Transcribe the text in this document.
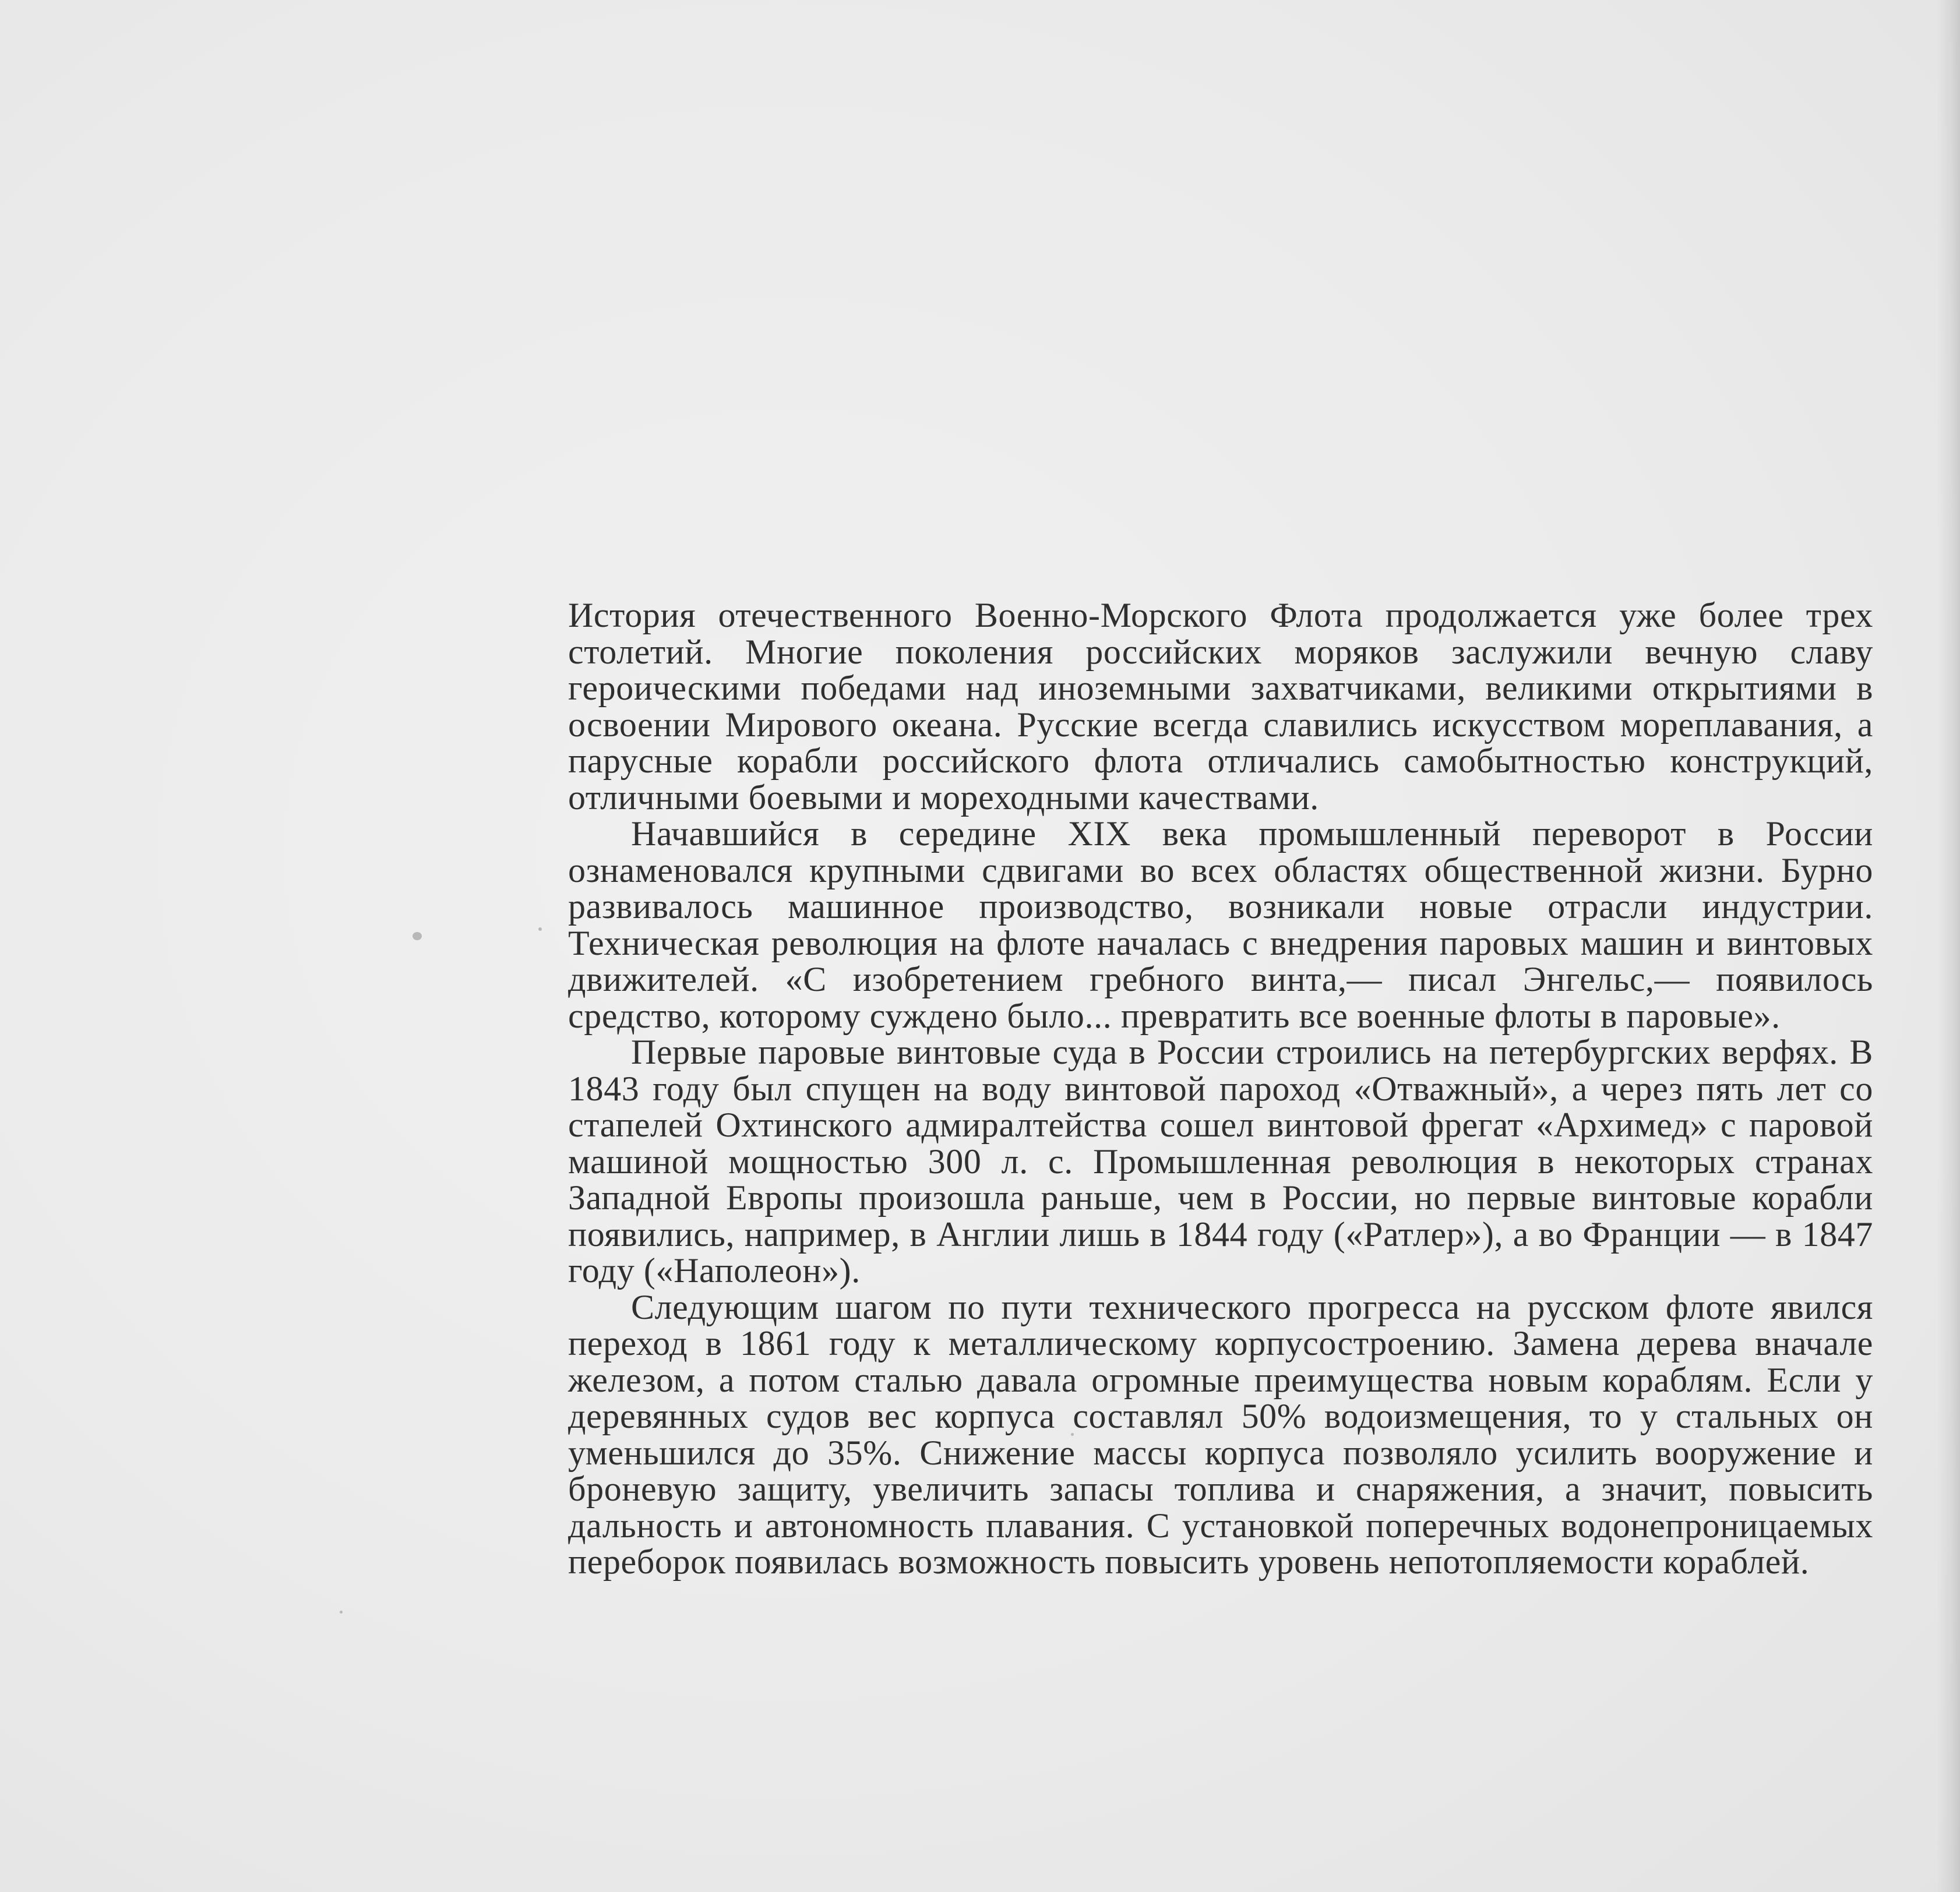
История отечественного Военно-Морского Флота продолжается уже более трех столетий. Многие поколения российских моряков заслужили вечную славу героическими победами над иноземными захватчиками, великими открытиями в освоении Мирового океана. Русские всегда славились искусством мореплавания, а парусные корабли российского флота отличались самобытностью конструкций, отличными боевыми и мореходными качествами.

Начавшийся в середине XIX века промышленный переворот в России ознаменовался крупными сдвигами во всех областях общественной жизни. Бурно развивалось машинное производство, возникали новые отрасли индустрии. Техническая революция на флоте началась с внедрения паровых машин и винтовых движителей. «С изобретением гребного винта,— писал Энгельс,— появилось средство, которому суждено было... превратить все военные флоты в паровые».

Первые паровые винтовые суда в России строились на петербургских верфях. В 1843 году был спущен на воду винтовой пароход «Отважный», а через пять лет со стапелей Охтинского адмиралтейства сошел винтовой фрегат «Архимед» с паровой машиной мощностью 300 л. с. Промышленная революция в некоторых странах Западной Европы произошла раньше, чем в России, но первые винтовые корабли появились, например, в Англии лишь в 1844 году («Ратлер»), а во Франции — в 1847 году («Наполеон»).

Следующим шагом по пути технического прогресса на русском флоте явился переход в 1861 году к металлическому корпусостроению. Замена дерева вначале железом, а потом сталью давала огромные преимущества новым кораблям. Если у деревянных судов вес корпуса составлял 50% водоизмещения, то у стальных он уменьшился до 35%. Снижение массы корпуса позволяло усилить вооружение и броневую защиту, увеличить запасы топлива и снаряжения, а значит, повысить дальность и автономность плавания. С установкой поперечных водонепроницаемых переборок появилась возможность повысить уровень непотопляемости кораблей.
